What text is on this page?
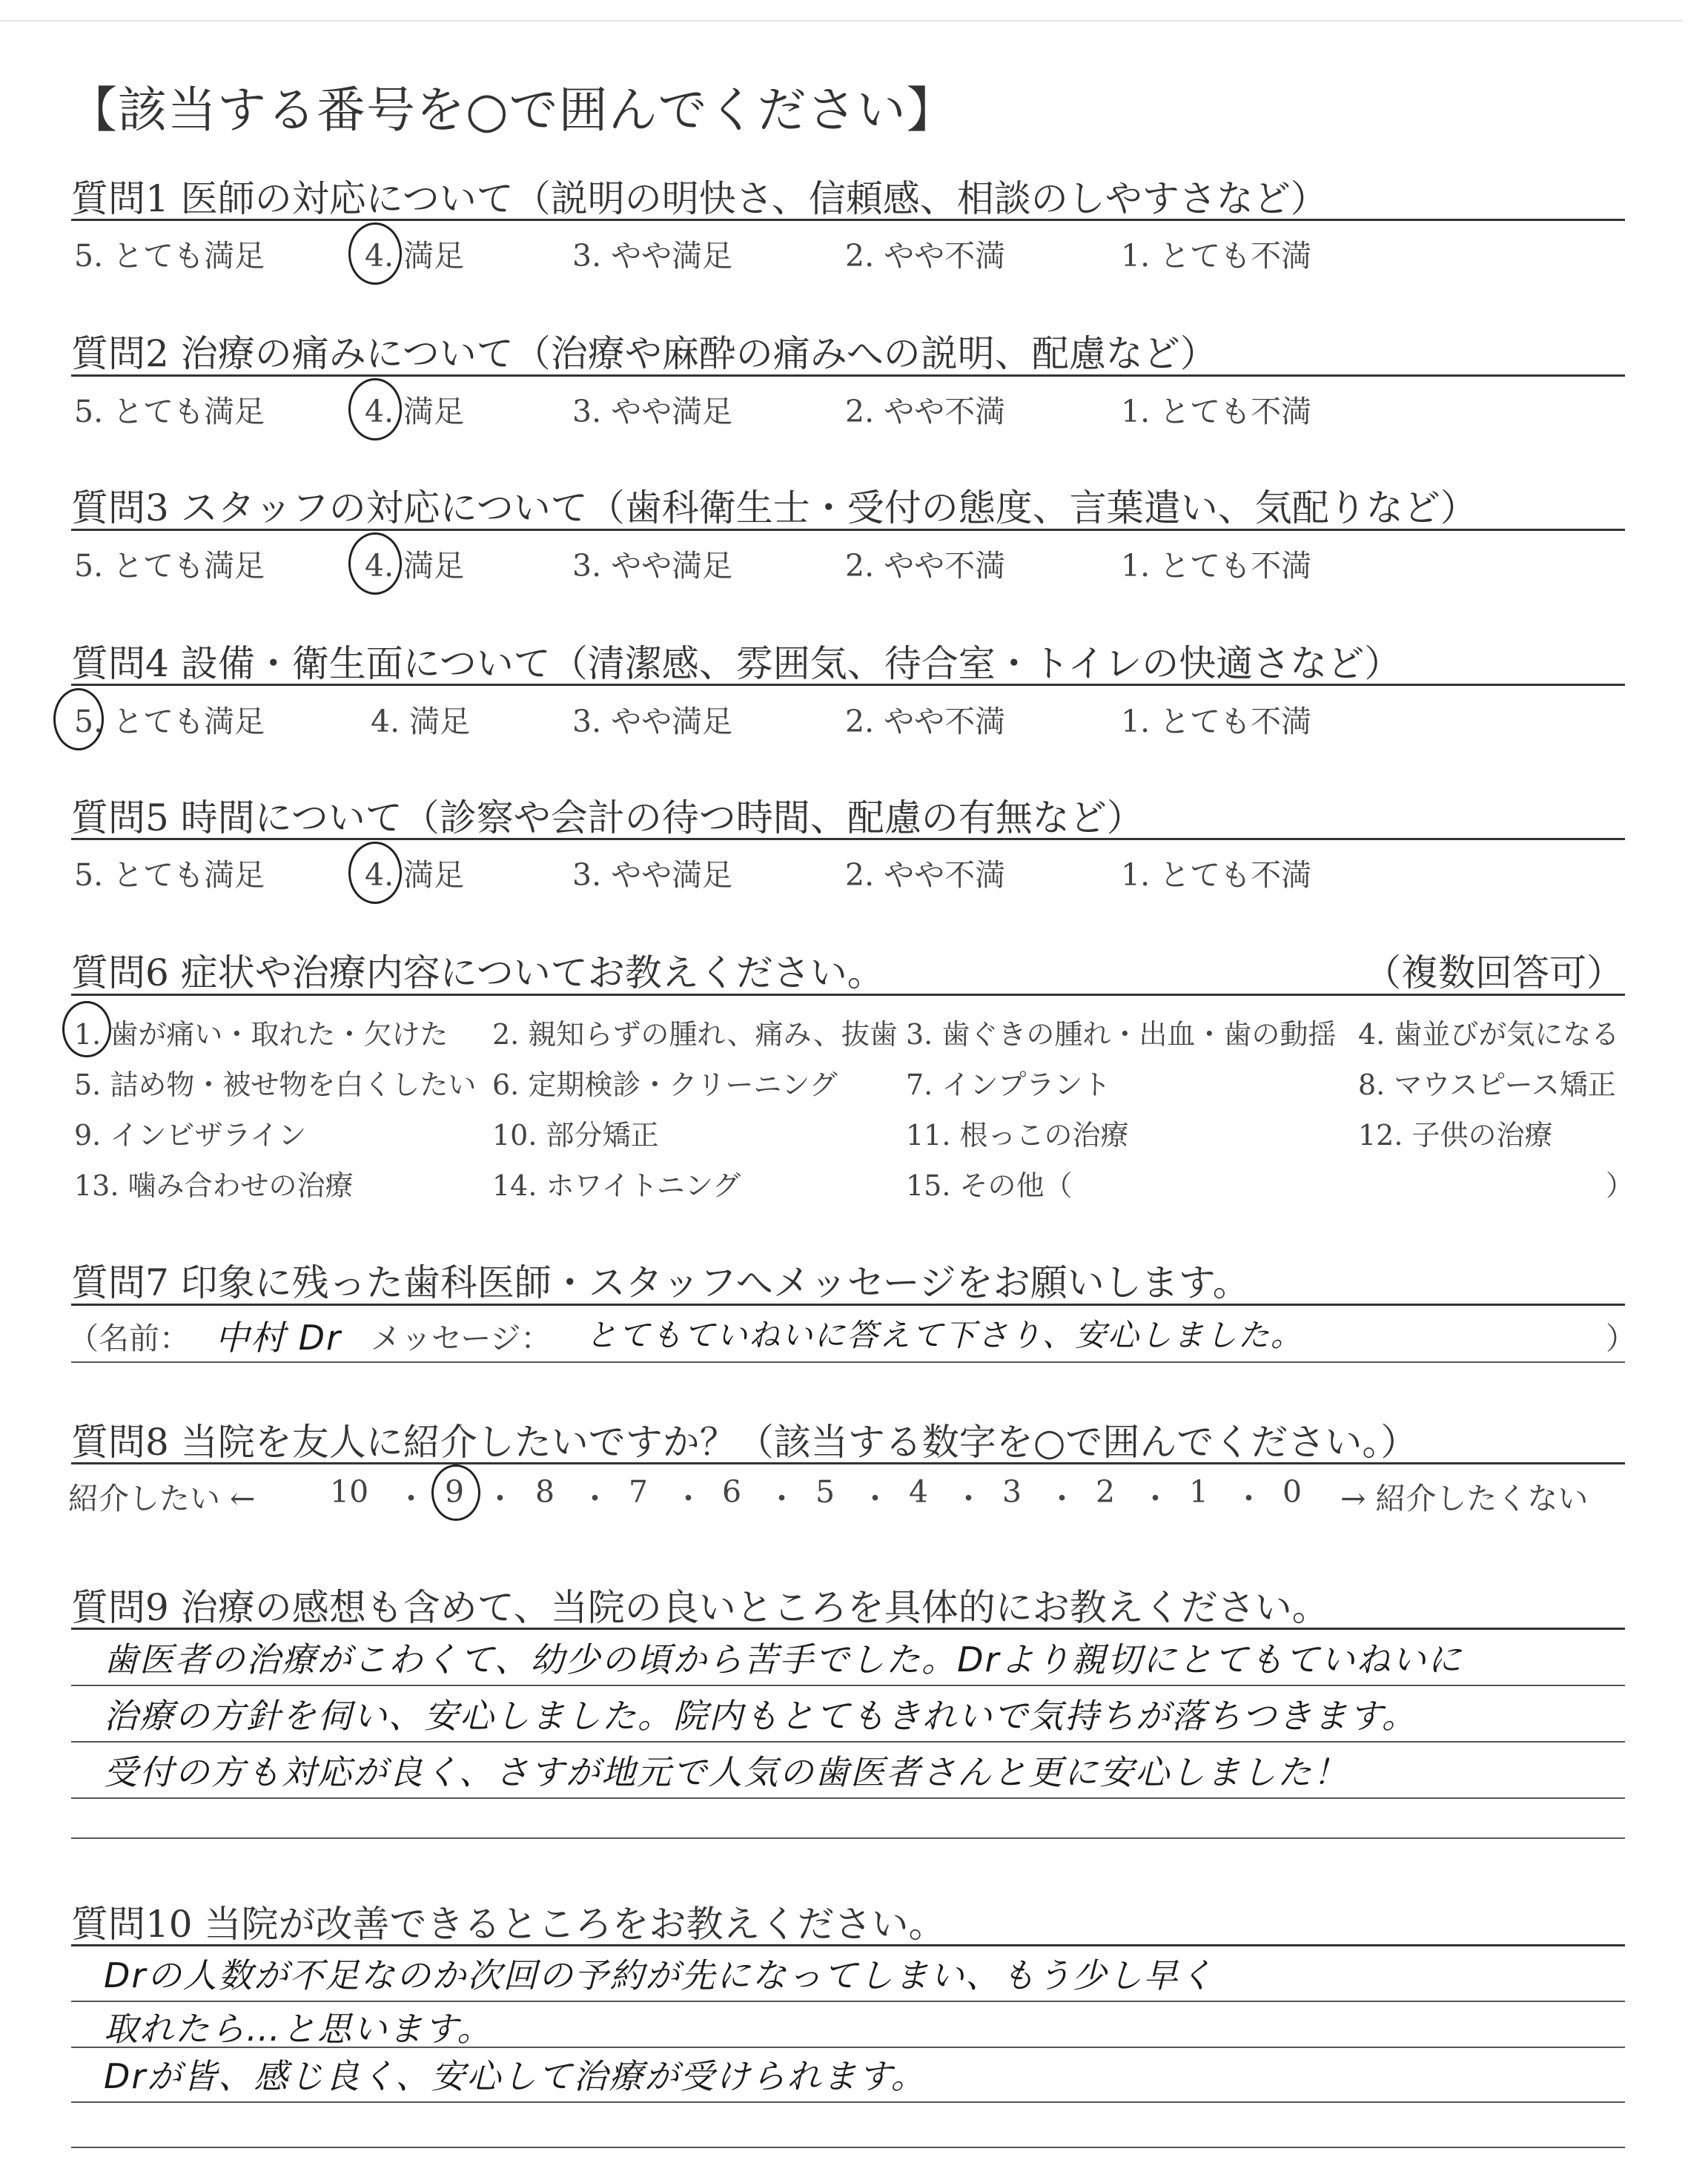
【該当する番号を○で囲んでください】
質問1 医師の対応について（説明の明快さ、信頼感、相談のしやすさなど）
5. とても満足	4. 満足	3. やや満足	2. やや不満	1. とても不満
質問2 治療の痛みについて（治療や麻酔の痛みへの説明、配慮など）
5. とても満足	4. 満足	3. やや満足	2. やや不満	1. とても不満
質問3 スタッフの対応について（歯科衛生士・受付の態度、言葉遣い、気配りなど）
5. とても満足	4. 満足	3. やや満足	2. やや不満	1. とても不満
質問4 設備・衛生面について（清潔感、雰囲気、待合室・トイレの快適さなど）
5. とても満足	4. 満足	3. やや満足	2. やや不満	1. とても不満
質問5 時間について（診察や会計の待つ時間、配慮の有無など）
5. とても満足	4. 満足	3. やや満足	2. やや不満	1. とても不満
質問6 症状や治療内容についてお教えください。	（複数回答可）
1. 歯が痛い・取れた・欠けた 2. 親知らずの腫れ、痛み、抜歯 3. 歯ぐきの腫れ・出血・歯の動揺 4. 歯並びが気になる
5. 詰め物・被せ物を白くしたい 6. 定期検診・クリーニング 7. インプラント	8. マウスピース矯正
9. インビザライン	10. 部分矯正	11. 根っこの治療	12. 子供の治療
13. 噛み合わせの治療	14. ホワイトニング	15. その他（	）
質問7 印象に残った歯科医師・スタッフへメッセージをお願いします。
（名前： 中村 Dr メッセージ： とてもていねいに答えて下さり、安心しました。	）
質問8 当院を友人に紹介したいですか？（該当する数字を○で囲んでください。）
紹介したい ← 10 ・ 9 ・ 8 ・ 7 ・ 6 ・ 5 ・ 4 ・ 3 ・ 2 ・ 1 ・ 0 → 紹介したくない
質問9 治療の感想も含めて、当院の良いところを具体的にお教えください。
歯医者の治療がこわくて、幼少の頃から苦手でした。Drより親切にとてもていねいに
治療の方針を伺い、安心しました。院内もとてもきれいで気持ちが落ちつきます。
受付の方も対応が良く、さすが地元で人気の歯医者さんと更に安心しました！
質問10 当院が改善できるところをお教えください。
Drの人数が不足なのか次回の予約が先になってしまい、もう少し早く
取れたら…と思います。
Drが皆、感じ良く、安心して治療が受けられます。
